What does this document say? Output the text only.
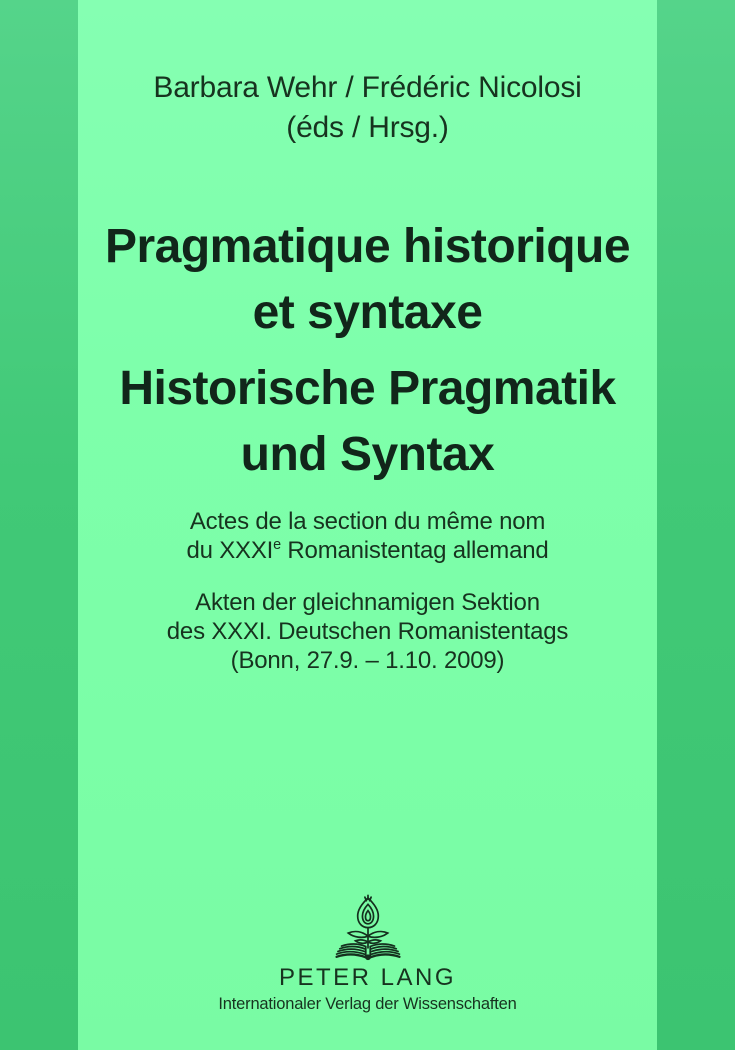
Barbara Wehr / Frédéric Nicolosi
(éds / Hrsg.)
Pragmatique historique
et syntaxe
Historische Pragmatik
und Syntax
Actes de la section du même nom
du XXXIe Romanistentag allemand
Akten der gleichnamigen Sektion
des XXXI. Deutschen Romanistentags
(Bonn, 27.9. – 1.10. 2009)
PETER LANG
Internationaler Verlag der Wissenschaften
